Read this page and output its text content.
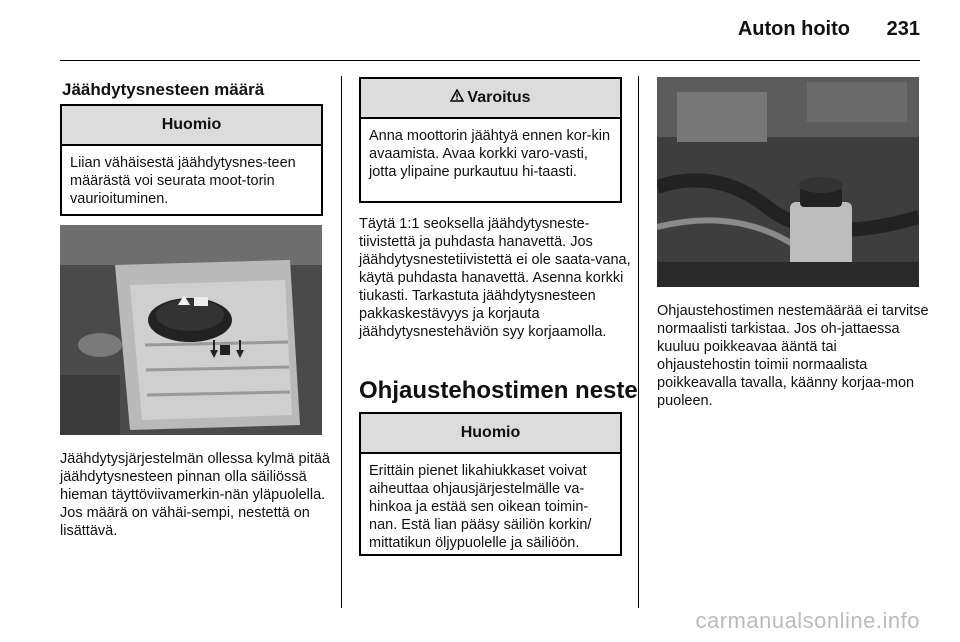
Auton hoito 231
Jäähdytysnesteen määrä
Huomio
Liian vähäisestä jäähdytysnes-teen määrästä voi seurata moot-torin vaurioituminen.
Jäähdytysjärjestelmän ollessa kylmä pitää jäähdytysnesteen pinnan olla säiliössä hieman täyttöviivamerkin-nän yläpuolella. Jos määrä on vähäi-sempi, nestettä on lisättävä.
Varoitus
Anna moottorin jäähtyä ennen kor-kin avaamista. Avaa korkki varo-vasti, jotta ylipaine purkautuu hi-taasti.
Täytä 1:1 seoksella jäähdytysneste-tiivistettä ja puhdasta hanavettä. Jos jäähdytysnestetiivistettä ei ole saata-vana, käytä puhdasta hanavettä. Asenna korkki tiukasti. Tarkastuta jäähdytysnesteen pakkaskestävyys ja korjauta jäähdytysnestehäviön syy korjaamolla.
Ohjaustehostimen neste
Huomio
Erittäin pienet likahiukkaset voivat aiheuttaa ohjausjärjestelmälle va-hinkoa ja estää sen oikean toimin-nan. Estä lian pääsy säiliön korkin/ mittatikun öljypuolelle ja säiliöön.
Ohjaustehostimen nestemäärää ei tarvitse normaalisti tarkistaa. Jos oh-jattaessa kuuluu poikkeavaa ääntä tai ohjaustehostin toimii normaalista poikkeavalla tavalla, käänny korjaa-mon puoleen.
carmanualsonline.info
